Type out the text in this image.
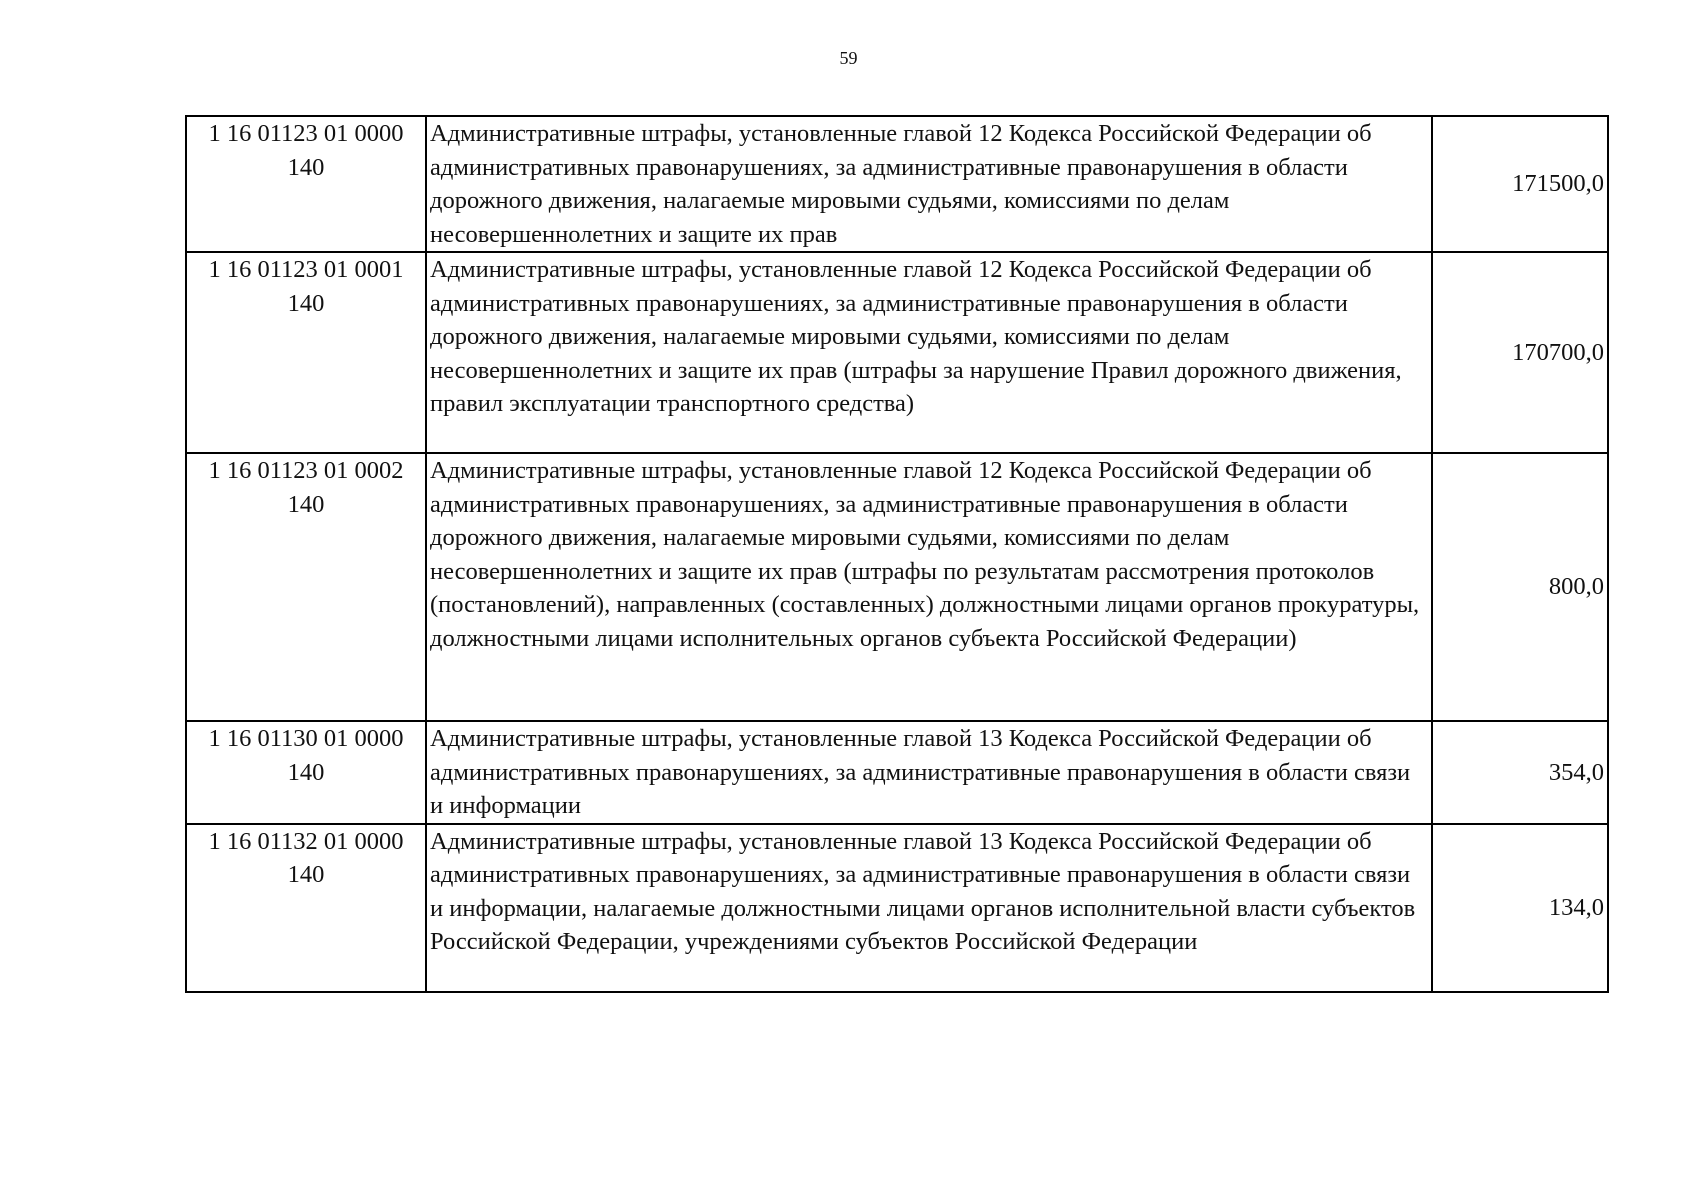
59
1 16 01123 01 0000 140	Административные штрафы, установленные главой 12 Кодекса Российской Федерации об административных правонарушениях, за административные правонарушения в области дорожного движения, налагаемые мировыми судьями, комиссиями по делам несовершеннолетних и защите их прав	171500,0
1 16 01123 01 0001 140	Административные штрафы, установленные главой 12 Кодекса Российской Федерации об административных правонарушениях, за административные правонарушения в области дорожного движения, налагаемые мировыми судьями, комиссиями по делам несовершеннолетних и защите их прав (штрафы за нарушение Правил дорожного движения, правил эксплуатации транспортного средства)	170700,0
1 16 01123 01 0002 140	Административные штрафы, установленные главой 12 Кодекса Российской Федерации об административных правонарушениях, за административные правонарушения в области дорожного движения, налагаемые мировыми судьями, комиссиями по делам несовершеннолетних и защите их прав (штрафы по результатам рассмотрения протоколов (постановлений), направленных (составленных) должностными лицами органов прокуратуры, должностными лицами исполнительных органов субъекта Российской Федерации)	800,0
1 16 01130 01 0000 140	Административные штрафы, установленные главой 13 Кодекса Российской Федерации об административных правонарушениях, за административные правонарушения в области связи и информации	354,0
1 16 01132 01 0000 140	Административные штрафы, установленные главой 13 Кодекса Российской Федерации об административных правонарушениях, за административные правонарушения в области связи и информации, налагаемые должностными лицами органов исполнительной власти субъектов Российской Федерации, учреждениями субъектов Российской Федерации	134,0
